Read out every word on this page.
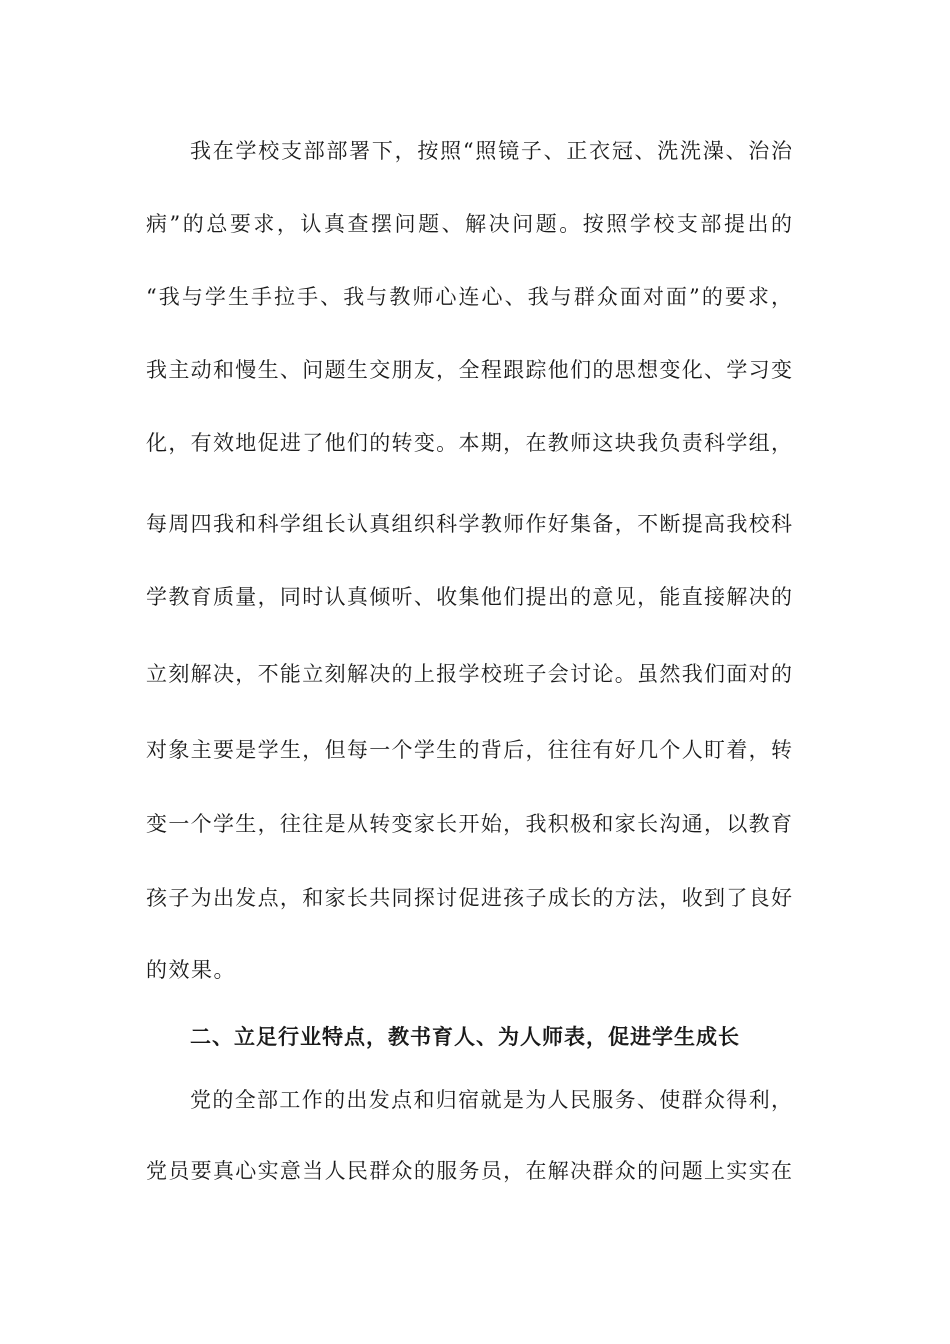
我在学校支部部署下，按照“照镜子、正衣冠、洗洗澡、治治
病”的总要求，认真查摆问题、解决问题。按照学校支部提出的
“我与学生手拉手、我与教师心连心、我与群众面对面”的要求，
我主动和慢生、问题生交朋友，全程跟踪他们的思想变化、学习变
化，有效地促进了他们的转变。本期，在教师这块我负责科学组，
每周四我和科学组长认真组织科学教师作好集备，不断提高我校科
学教育质量，同时认真倾听、收集他们提出的意见，能直接解决的
立刻解决，不能立刻解决的上报学校班子会讨论。虽然我们面对的
对象主要是学生，但每一个学生的背后，往往有好几个人盯着，转
变一个学生，往往是从转变家长开始，我积极和家长沟通，以教育
孩子为出发点，和家长共同探讨促进孩子成长的方法，收到了良好
的效果。
二、立足行业特点，教书育人、为人师表，促进学生成长
党的全部工作的出发点和归宿就是为人民服务、使群众得利，
党员要真心实意当人民群众的服务员，在解决群众的问题上实实在
